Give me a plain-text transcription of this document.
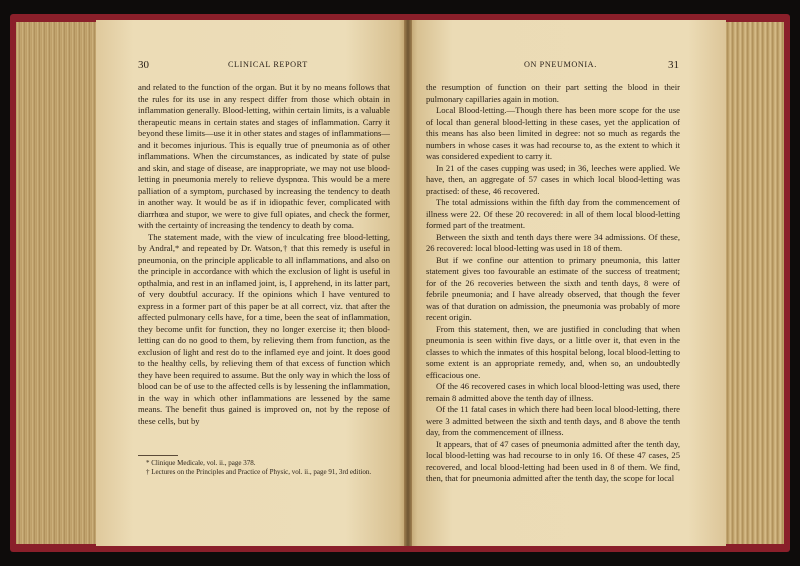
30	CLINICAL REPORT

and related to the function of the organ. But it by no means follows that the rules for its use in any respect differ from those which obtain in inflammation generally. Blood-letting, within certain limits, is a valuable therapeutic means in certain states and stages of inflammation. Carry it beyond these limits—use it in other states and stages of inflammations—and it becomes injurious. This is equally true of pneumonia as of other inflammations. When the circumstances, as indicated by state of pulse and skin, and stage of disease, are inappropriate, we may not use blood-letting in pneumonia merely to relieve dyspnœa. This would be a mere palliation of a symptom, purchased by increasing the tendency to death in another way. It would be as if in idiopathic fever, complicated with diarrhœa and stupor, we were to give full opiates, and check the former, with the certainty of increasing the tendency to death by coma.

The statement made, with the view of inculcating free blood-letting, by Andral,* and repeated by Dr. Watson,† that this remedy is useful in pneumonia, on the principle applicable to all inflammations, and also on the principle in accordance with which the exclusion of light is useful in opthalmia, and rest in an inflamed joint, is, I apprehend, in its latter part, of very doubtful accuracy. If the opinions which I have ventured to express in a former part of this paper be at all correct, viz. that after the affected pulmonary cells have, for a time, been the seat of inflammation, they become unfit for function, they no longer exercise it; then blood-letting can do no good to them, by relieving them from function, as the exclusion of light and rest do to the inflamed eye and joint. It does good to the healthy cells, by relieving them of that excess of function which they have been required to assume. But the only way in which the loss of blood can be of use to the affected cells is by lessening the inflammation, in the way in which other inflammations are lessened by the same means. The benefit thus gained is improved on, not by the repose of these cells, but by

* Clinique Medicale, vol. ii., page 378.

† Lectures on the Principles and Practice of Physic, vol. ii., page 91, 3rd edition.

ON PNEUMONIA.	31

the resumption of function on their part setting the blood in their pulmonary capillaries again in motion.

Local Blood-letting.—Though there has been more scope for the use of local than general blood-letting in these cases, yet the application of this means has also been limited in degree: not so much as regards the numbers in whose cases it was had recourse to, as the extent to which it was considered expedient to carry it.

In 21 of the cases cupping was used; in 36, leeches were applied. We have, then, an aggregate of 57 cases in which local blood-letting was practised: of these, 46 recovered.

The total admissions within the fifth day from the commencement of illness were 22. Of these 20 recovered: in all of them local blood-letting formed part of the treatment.

Between the sixth and tenth days there were 34 admissions. Of these, 26 recovered: local blood-letting was used in 18 of them.

But if we confine our attention to primary pneumonia, this latter statement gives too favourable an estimate of the success of treatment; for of the 26 recoveries between the sixth and tenth days, 8 were of febrile pneumonia; and I have already observed, that though the fever was of that duration on admission, the pneumonia was probably of more recent origin.

From this statement, then, we are justified in concluding that when pneumonia is seen within five days, or a little over it, that even in the classes to which the inmates of this hospital belong, local blood-letting to some extent is an appropriate remedy, and, when so, an undoubtedly efficacious one.

Of the 46 recovered cases in which local blood-letting was used, there remain 8 admitted above the tenth day of illness.

Of the 11 fatal cases in which there had been local blood-letting, there were 3 admitted between the sixth and tenth days, and 8 above the tenth day, from the commencement of illness.

It appears, that of 47 cases of pneumonia admitted after the tenth day, local blood-letting was had recourse to in only 16. Of these 47 cases, 25 recovered, and local blood-letting had been used in 8 of them. We find, then, that for pneumonia admitted after the tenth day, the scope for local
